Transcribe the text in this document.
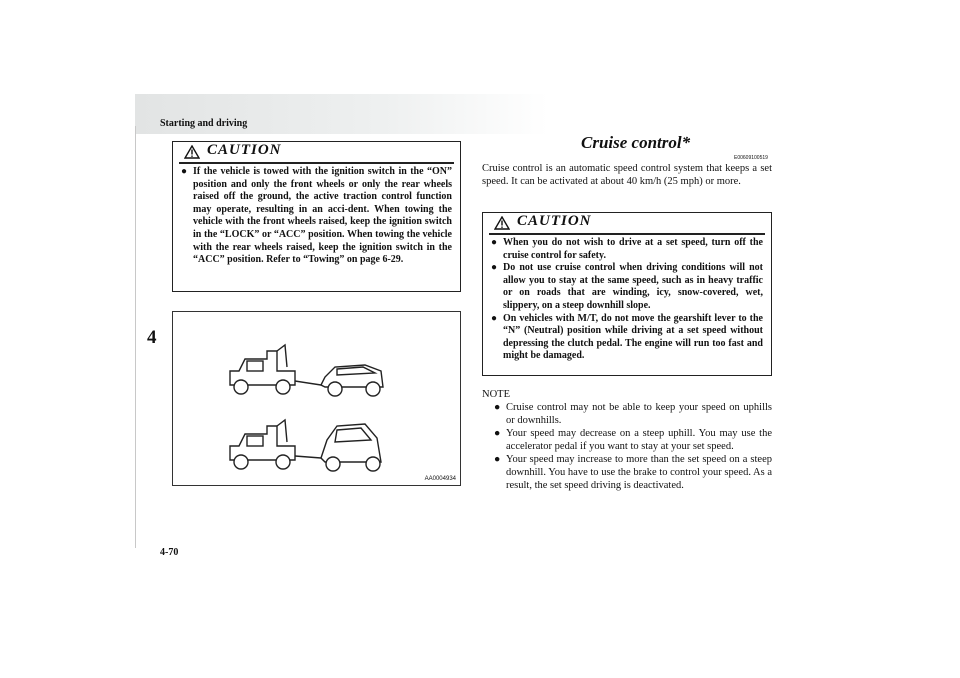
Starting and driving
4
4-70
CAUTION
● If the vehicle is towed with the ignition switch in the “ON” position and only the front wheels or only the rear wheels raised off the ground, the active traction control function may operate, resulting in an acci-dent. When towing the vehicle with the front wheels raised, keep the ignition switch in the “LOCK” or “ACC” position. When towing the vehicle with the rear wheels raised, keep the ignition switch in the “ACC” position. Refer to “Towing” on page 6-29.
AA0004934
Cruise control*
E00609100519
Cruise control is an automatic speed control system that keeps a set speed. It can be activated at about 40 km/h (25 mph) or more.
CAUTION
● When you do not wish to drive at a set speed, turn off the cruise control for safety.
● Do not use cruise control when driving conditions will not allow you to stay at the same speed, such as in heavy traffic or on roads that are winding, icy, snow-covered, wet, slippery, on a steep downhill slope.
● On vehicles with M/T, do not move the gearshift lever to the “N” (Neutral) position while driving at a set speed without depressing the clutch pedal. The engine will run too fast and might be damaged.
NOTE
● Cruise control may not be able to keep your speed on uphills or downhills.
● Your speed may decrease on a steep uphill. You may use the accelerator pedal if you want to stay at your set speed.
● Your speed may increase to more than the set speed on a steep downhill. You have to use the brake to control your speed. As a result, the set speed driving is deactivated.
